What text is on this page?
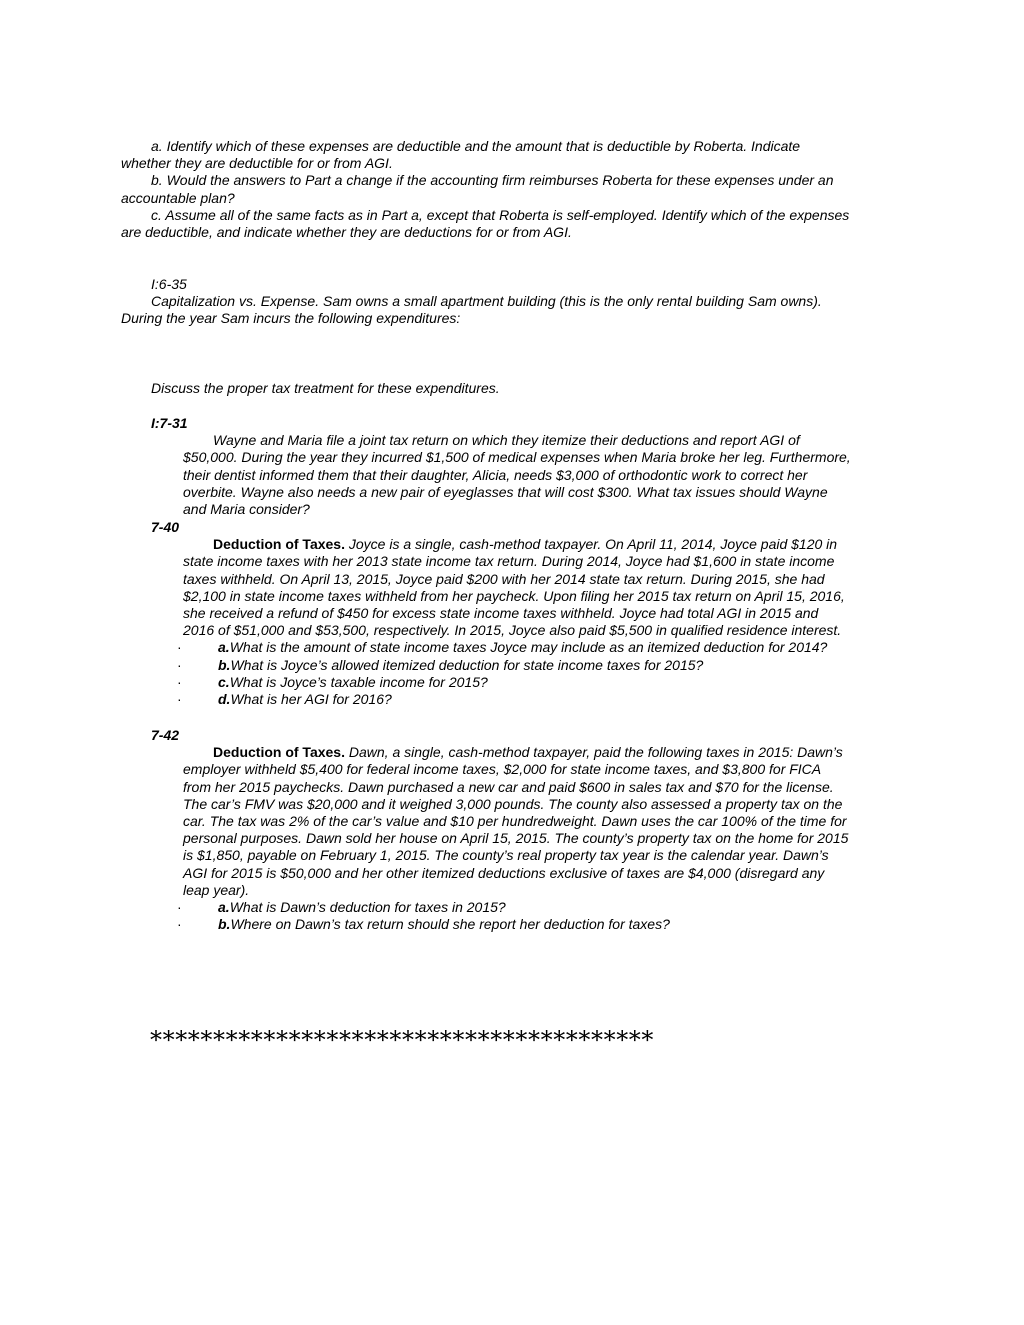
a. Identify which of these expenses are deductible and the amount that is deductible by Roberta. Indicate
whether they are deductible for or from AGI.
b. Would the answers to Part a change if the accounting firm reimburses Roberta for these expenses under an
accountable plan?
c. Assume all of the same facts as in Part a, except that Roberta is self-employed. Identify which of the expenses
are deductible, and indicate whether they are deductions for or from AGI.
I:6-35
Capitalization vs. Expense. Sam owns a small apartment building (this is the only rental building Sam owns).
During the year Sam incurs the following expenditures:
Discuss the proper tax treatment for these expenditures.
I:7-31
Wayne and Maria file a joint tax return on which they itemize their deductions and report AGI of
$50,000. During the year they incurred $1,500 of medical expenses when Maria broke her leg. Furthermore,
their dentist informed them that their daughter, Alicia, needs $3,000 of orthodontic work to correct her
overbite. Wayne also needs a new pair of eyeglasses that will cost $300. What tax issues should Wayne
and Maria consider?
7-40
Deduction of Taxes. Joyce is a single, cash-method taxpayer. On April 11, 2014, Joyce paid $120 in
state income taxes with her 2013 state income tax return. During 2014, Joyce had $1,600 in state income
taxes withheld. On April 13, 2015, Joyce paid $200 with her 2014 state tax return. During 2015, she had
$2,100 in state income taxes withheld from her paycheck. Upon filing her 2015 tax return on April 15, 2016,
she received a refund of $450 for excess state income taxes withheld. Joyce had total AGI in 2015 and
2016 of $51,000 and $53,500, respectively. In 2015, Joyce also paid $5,500 in qualified residence interest.
·	a. What is the amount of state income taxes Joyce may include as an itemized deduction for 2014?
·	b. What is Joyce’s allowed itemized deduction for state income taxes for 2015?
·	c. What is Joyce’s taxable income for 2015?
·	d. What is her AGI for 2016?
7-42
Deduction of Taxes. Dawn, a single, cash-method taxpayer, paid the following taxes in 2015: Dawn’s
employer withheld $5,400 for federal income taxes, $2,000 for state income taxes, and $3,800 for FICA
from her 2015 paychecks. Dawn purchased a new car and paid $600 in sales tax and $70 for the license.
The car’s FMV was $20,000 and it weighed 3,000 pounds. The county also assessed a property tax on the
car. The tax was 2% of the car’s value and $10 per hundredweight. Dawn uses the car 100% of the time for
personal purposes. Dawn sold her house on April 15, 2015. The county’s property tax on the home for 2015
is $1,850, payable on February 1, 2015. The county’s real property tax year is the calendar year. Dawn’s
AGI for 2015 is $50,000 and her other itemized deductions exclusive of taxes are $4,000 (disregard any
leap year).
·	a. What is Dawn’s deduction for taxes in 2015?
·	b. Where on Dawn’s tax return should she report her deduction for taxes?
****************************************
